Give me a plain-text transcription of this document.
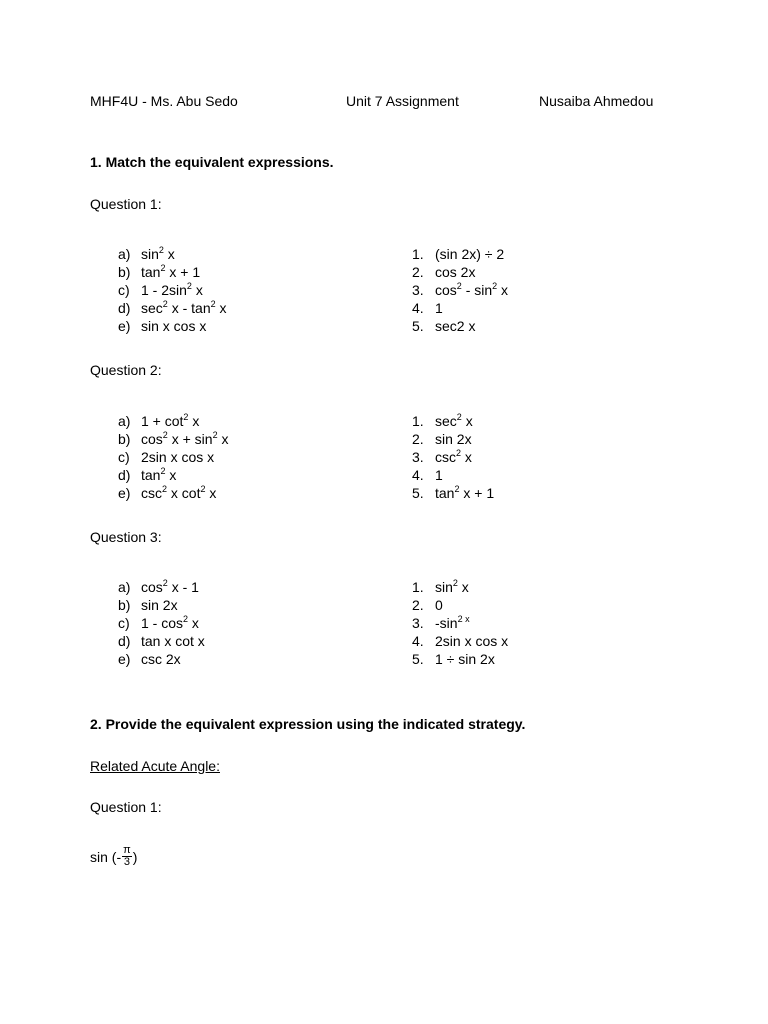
MHF4U - Ms. Abu Sedo	Unit 7 Assignment	Nusaiba Ahmedou
1. Match the equivalent expressions.
Question 1:
a) $\sin^2 x$
b) $\tan^2 x + 1$
c) $1 - 2\sin^2$ x
d) $\sec^2 x - \tan^2 x$
e) sin x cos x
1. (sin 2x) ÷ 2
2. cos 2x
3. $\cos^2 - \sin^2 x$
4. 1
5. sec2 x
Question 2:
a) $1 + \cot^2 x$
b) $\cos^2 x + \sin^2 x$
c) 2sin x cos x
d) $\tan^2 x$
e) $\csc^2 x$ $\cot^2 x$
1. $\sec^2 x$
2. sin 2x
3. $\csc^2 x$
4. 1
5. $\tan^2 x + 1$
Question 3:
a) $\cos^2 x - 1$
b) sin 2x
c) $1 - \cos^2 x$
d) tan x cot x
e) csc 2x
1. $\sin^2 x$
2. 0
3. $-\sin^{2 x}$
4. 2sin x cos x
5. 1 ÷ sin 2x
2. Provide the equivalent expression using the indicated strategy.
Related Acute Angle:
Question 1:
sin (- $\frac{\pi}{3}$ )
